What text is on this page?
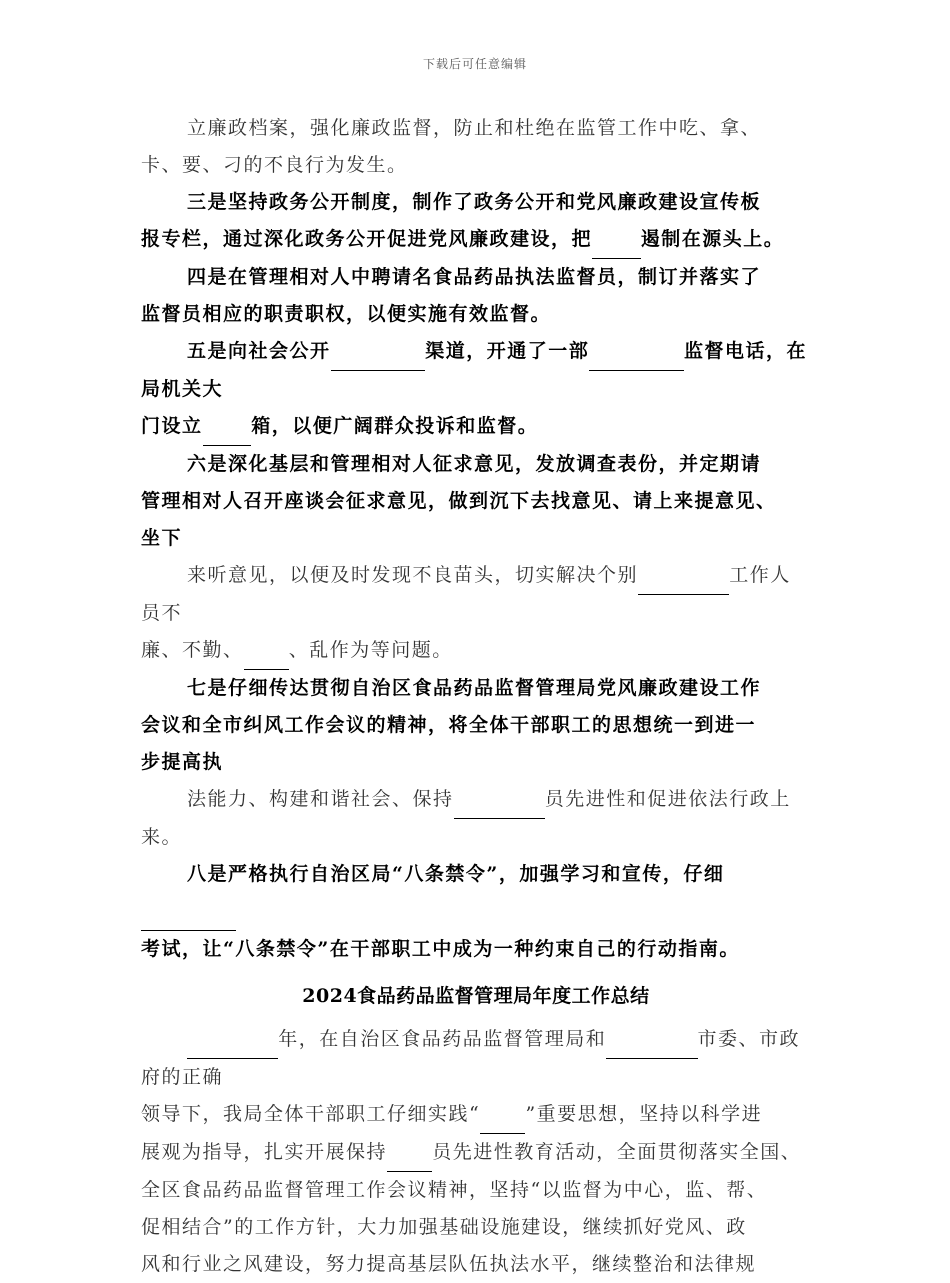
下载后可任意编辑

立廉政档案，强化廉政监督，防止和杜绝在监管工作中吃、拿、

卡、要、刁的不良行为发生。

三是坚持政务公开制度，制作了政务公开和党风廉政建设宣传板

报专栏，通过深化政务公开促进党风廉政建设，把	遏制在源头上。

四是在管理相对人中聘请名食品药品执法监督员，制订并落实了

监督员相应的职责职权，以便实施有效监督。

五是向社会公开	渠道，开通了一部	监督电话，在局机关大

门设立	箱，以便广阔群众投诉和监督。

六是深化基层和管理相对人征求意见，发放调查表份，并定期请

管理相对人召开座谈会征求意见，做到沉下去找意见、请上来提意见、

坐下

来听意见，以便及时发现不良苗头，切实解决个别	工作人员不

廉、不勤、 、乱作为等问题。

七是仔细传达贯彻自治区食品药品监督管理局党风廉政建设工作

会议和全市纠风工作会议的精神，将全体干部职工的思想统一到进一

步提高执

法能力、构建和谐社会、保持	员先进性和促进依法行政上来。

八是严格执行自治区局“八条禁令”，加强学习和宣传，仔细

考试，让“八条禁令”在干部职工中成为一种约束自己的行动指南。

2024食品药品监督管理局年度工作总结

年，在自治区食品药品监督管理局和	市委、市政府的正确

领导下，我局全体干部职工仔细实践“ ”重要思想，坚持以科学进

展观为指导，扎实开展保持 员先进性教育活动，全面贯彻落实全国、

全区食品药品监督管理工作会议精神，坚持“以监督为中心，监、帮、

促相结合”的工作方针，大力加强基础设施建设，继续抓好党风、政

风和行业之风建设，努力提高基层队伍执法水平，继续整治和法律规
